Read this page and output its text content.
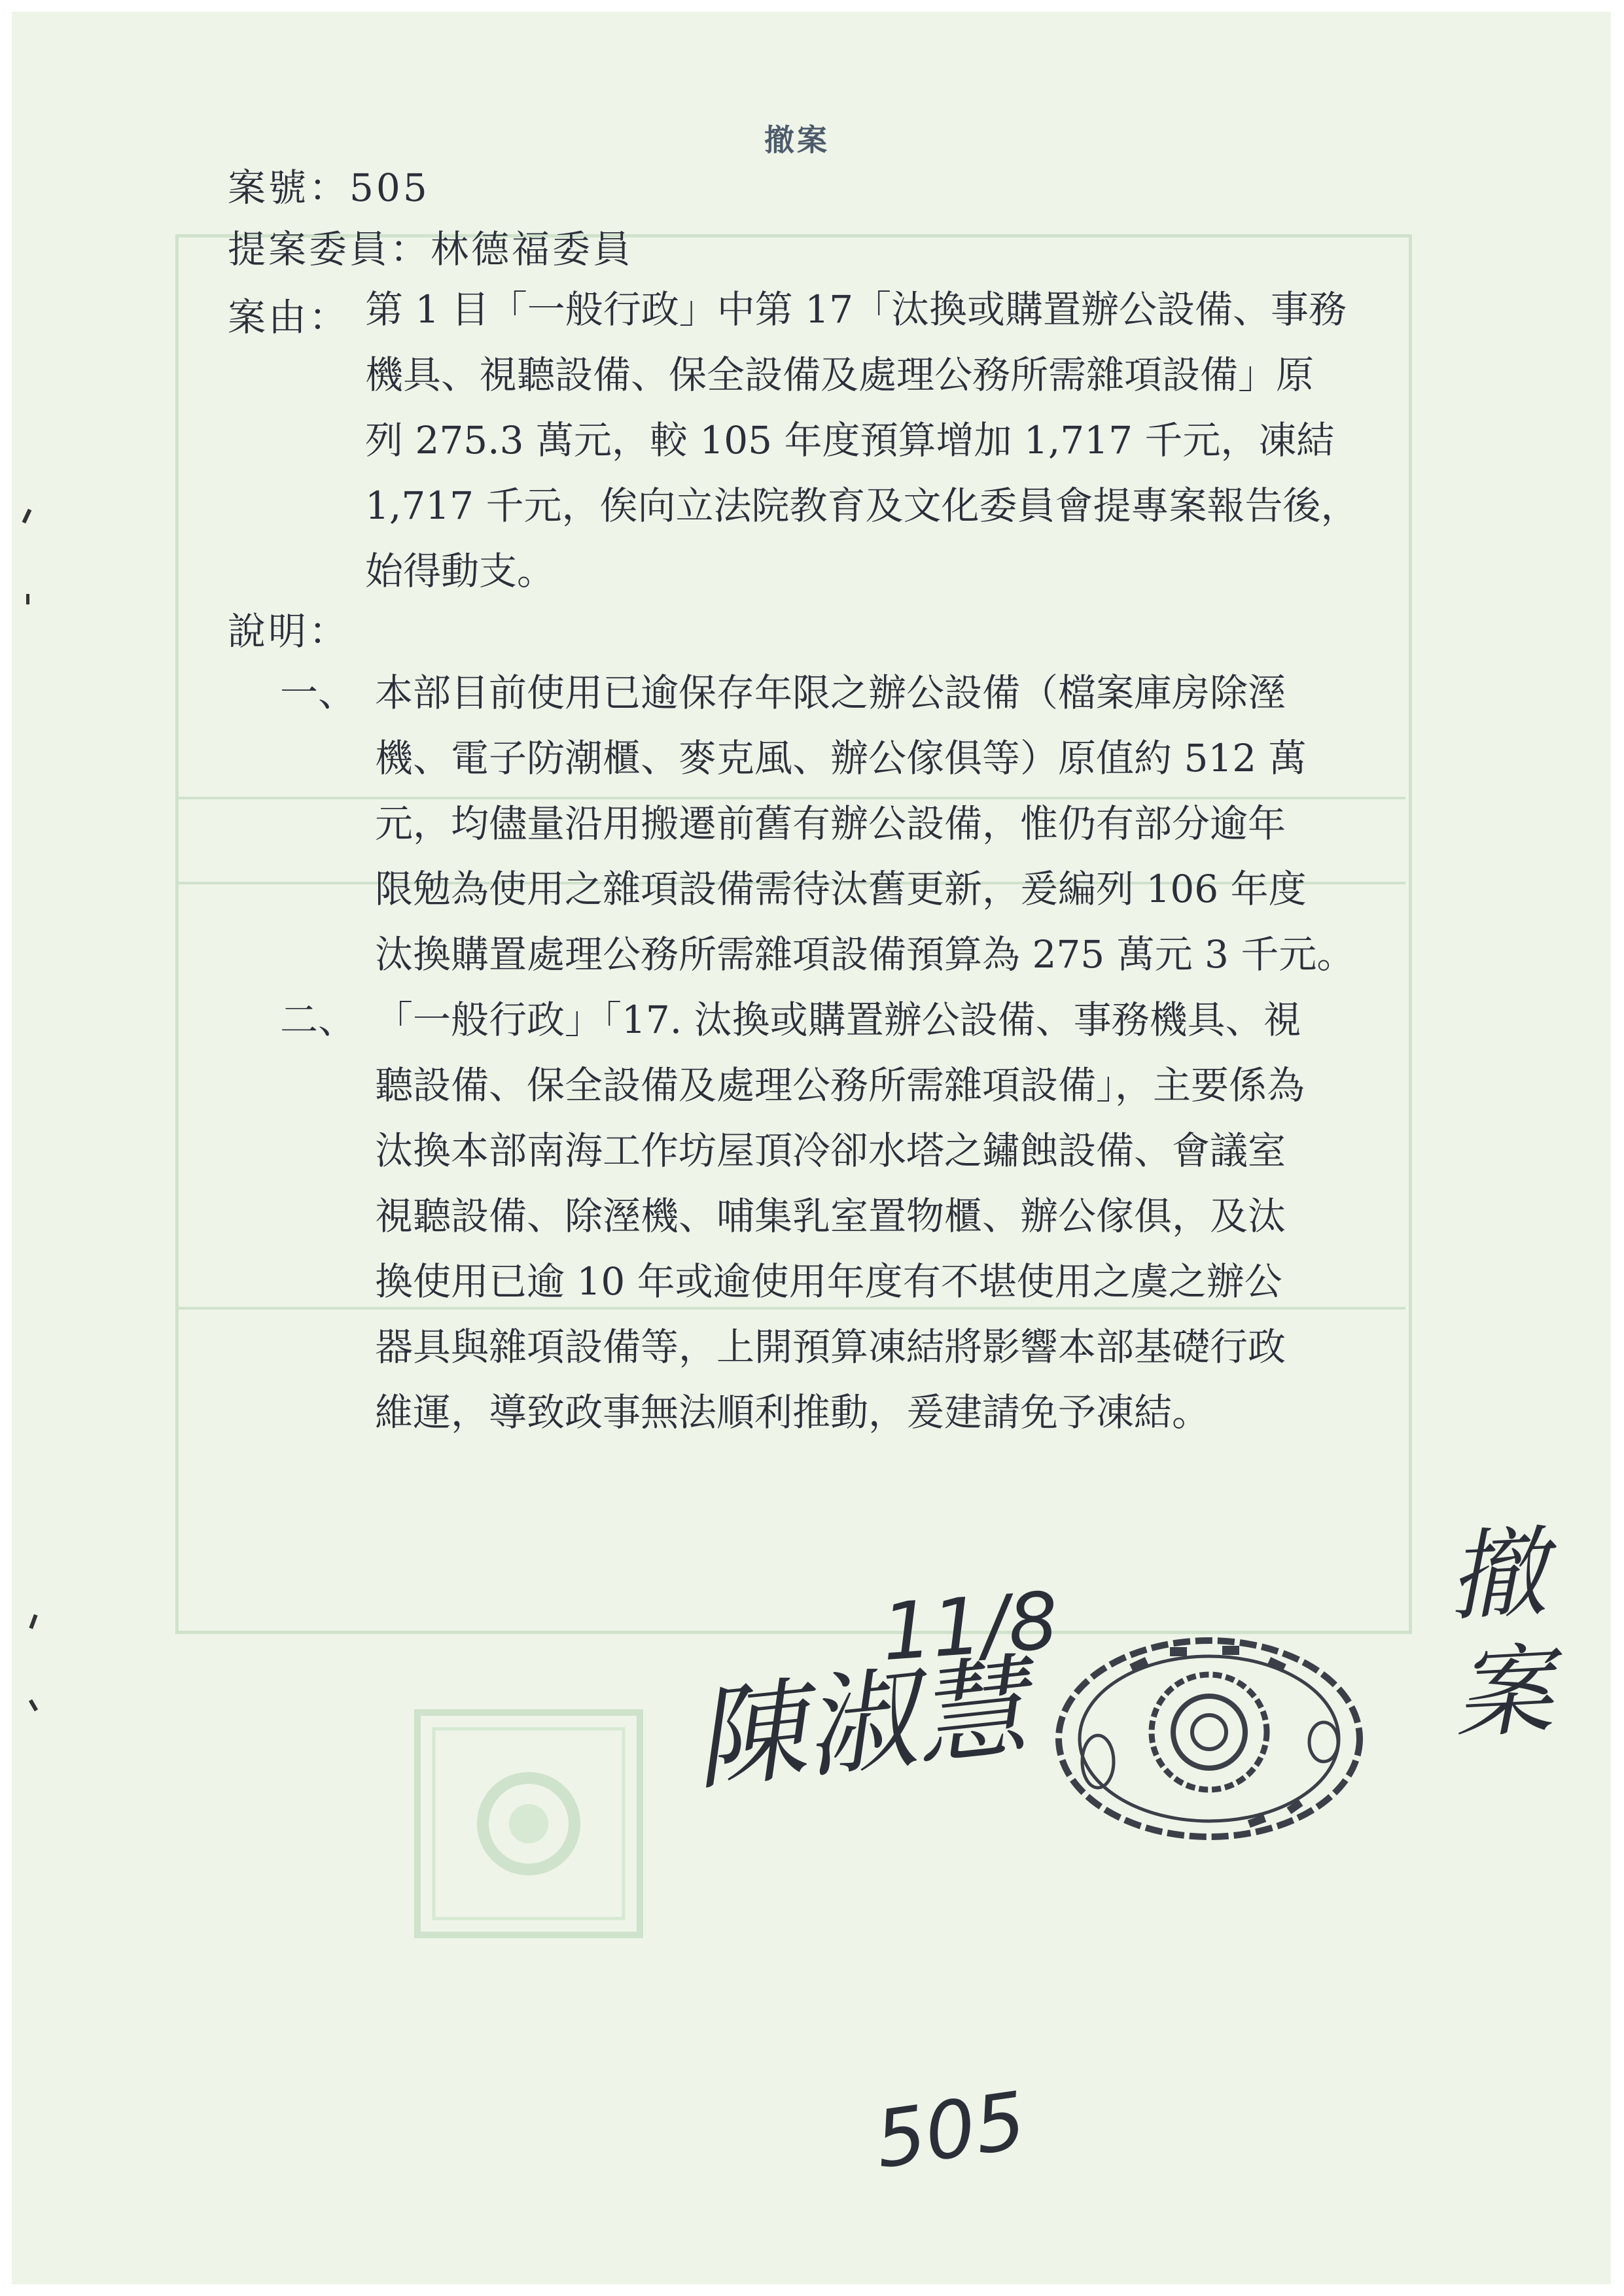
撤案
案號：505
提案委員：林德福委員
案由： 第 1 目「一般行政」中第 17「汰換或購置辦公設備、事務
機具、視聽設備、保全設備及處理公務所需雜項設備」原
列 275.3 萬元，較 105 年度預算增加 1,717 千元，凍結
1,717 千元，俟向立法院教育及文化委員會提專案報告後，
始得動支。
說明：
一、 本部目前使用已逾保存年限之辦公設備（檔案庫房除溼
機、電子防潮櫃、麥克風、辦公傢俱等）原值約 512 萬
元，均儘量沿用搬遷前舊有辦公設備，惟仍有部分逾年
限勉為使用之雜項設備需待汰舊更新，爰編列 106 年度
汰換購置處理公務所需雜項設備預算為 275 萬元 3 千元。
二、 「一般行政」「17. 汰換或購置辦公設備、事務機具、視
聽設備、保全設備及處理公務所需雜項設備」，主要係為
汰換本部南海工作坊屋頂冷卻水塔之鏽蝕設備、會議室
視聽設備、除溼機、哺集乳室置物櫃、辦公傢俱，及汰
換使用已逾 10 年或逾使用年度有不堪使用之虞之辦公
器具與雜項設備等，上開預算凍結將影響本部基礎行政
維運，導致政事無法順利推動，爰建請免予凍結。
撤案
陳淑慧
11/8
505
